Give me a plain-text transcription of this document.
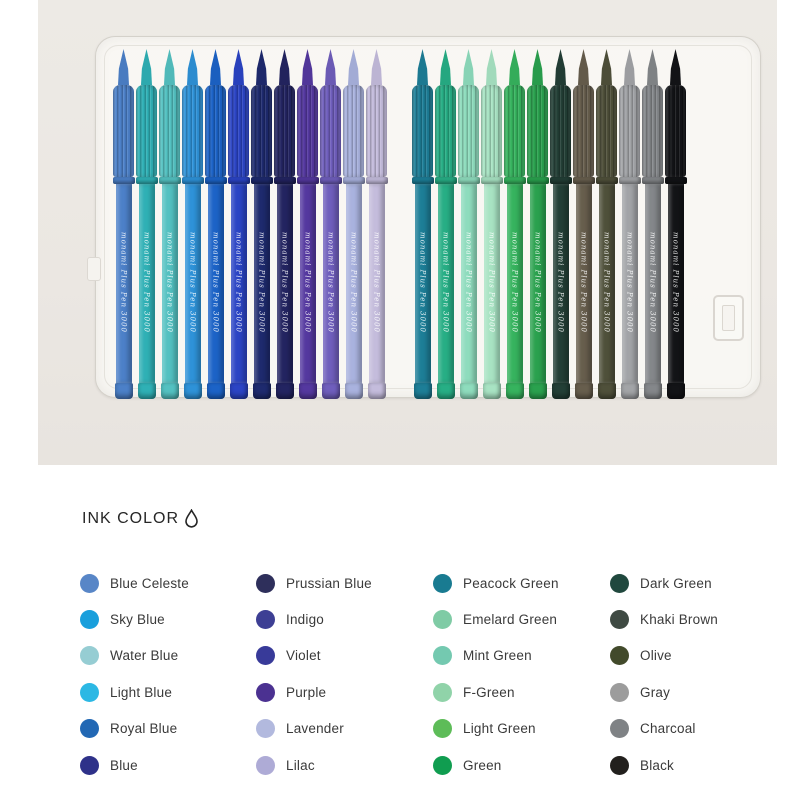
monami Plus Pen 3000 monami Plus Pen 3000 monami Plus Pen 3000 monami Plus Pen 3000 monami Plus Pen 3000 monami Plus Pen 3000 monami Plus Pen 3000 monami Plus Pen 3000 monami Plus Pen 3000 monami Plus Pen 3000 monami Plus Pen 3000 monami Plus Pen 3000	monami Plus Pen 3000 monami Plus Pen 3000 monami Plus Pen 3000 monami Plus Pen 3000 monami Plus Pen 3000 monami Plus Pen 3000 monami Plus Pen 3000 monami Plus Pen 3000 monami Plus Pen 3000 monami Plus Pen 3000 monami Plus Pen 3000 monami Plus Pen 3000
INK COLOR
Blue Celeste
Sky Blue
Water Blue
Light Blue
Royal Blue
Blue
Prussian Blue
Indigo
Violet
Purple
Lavender
Lilac
Peacock Green
Emelard Green
Mint Green
F-Green
Light Green
Green
Dark Green
Khaki Brown
Olive
Gray
Charcoal
Black
